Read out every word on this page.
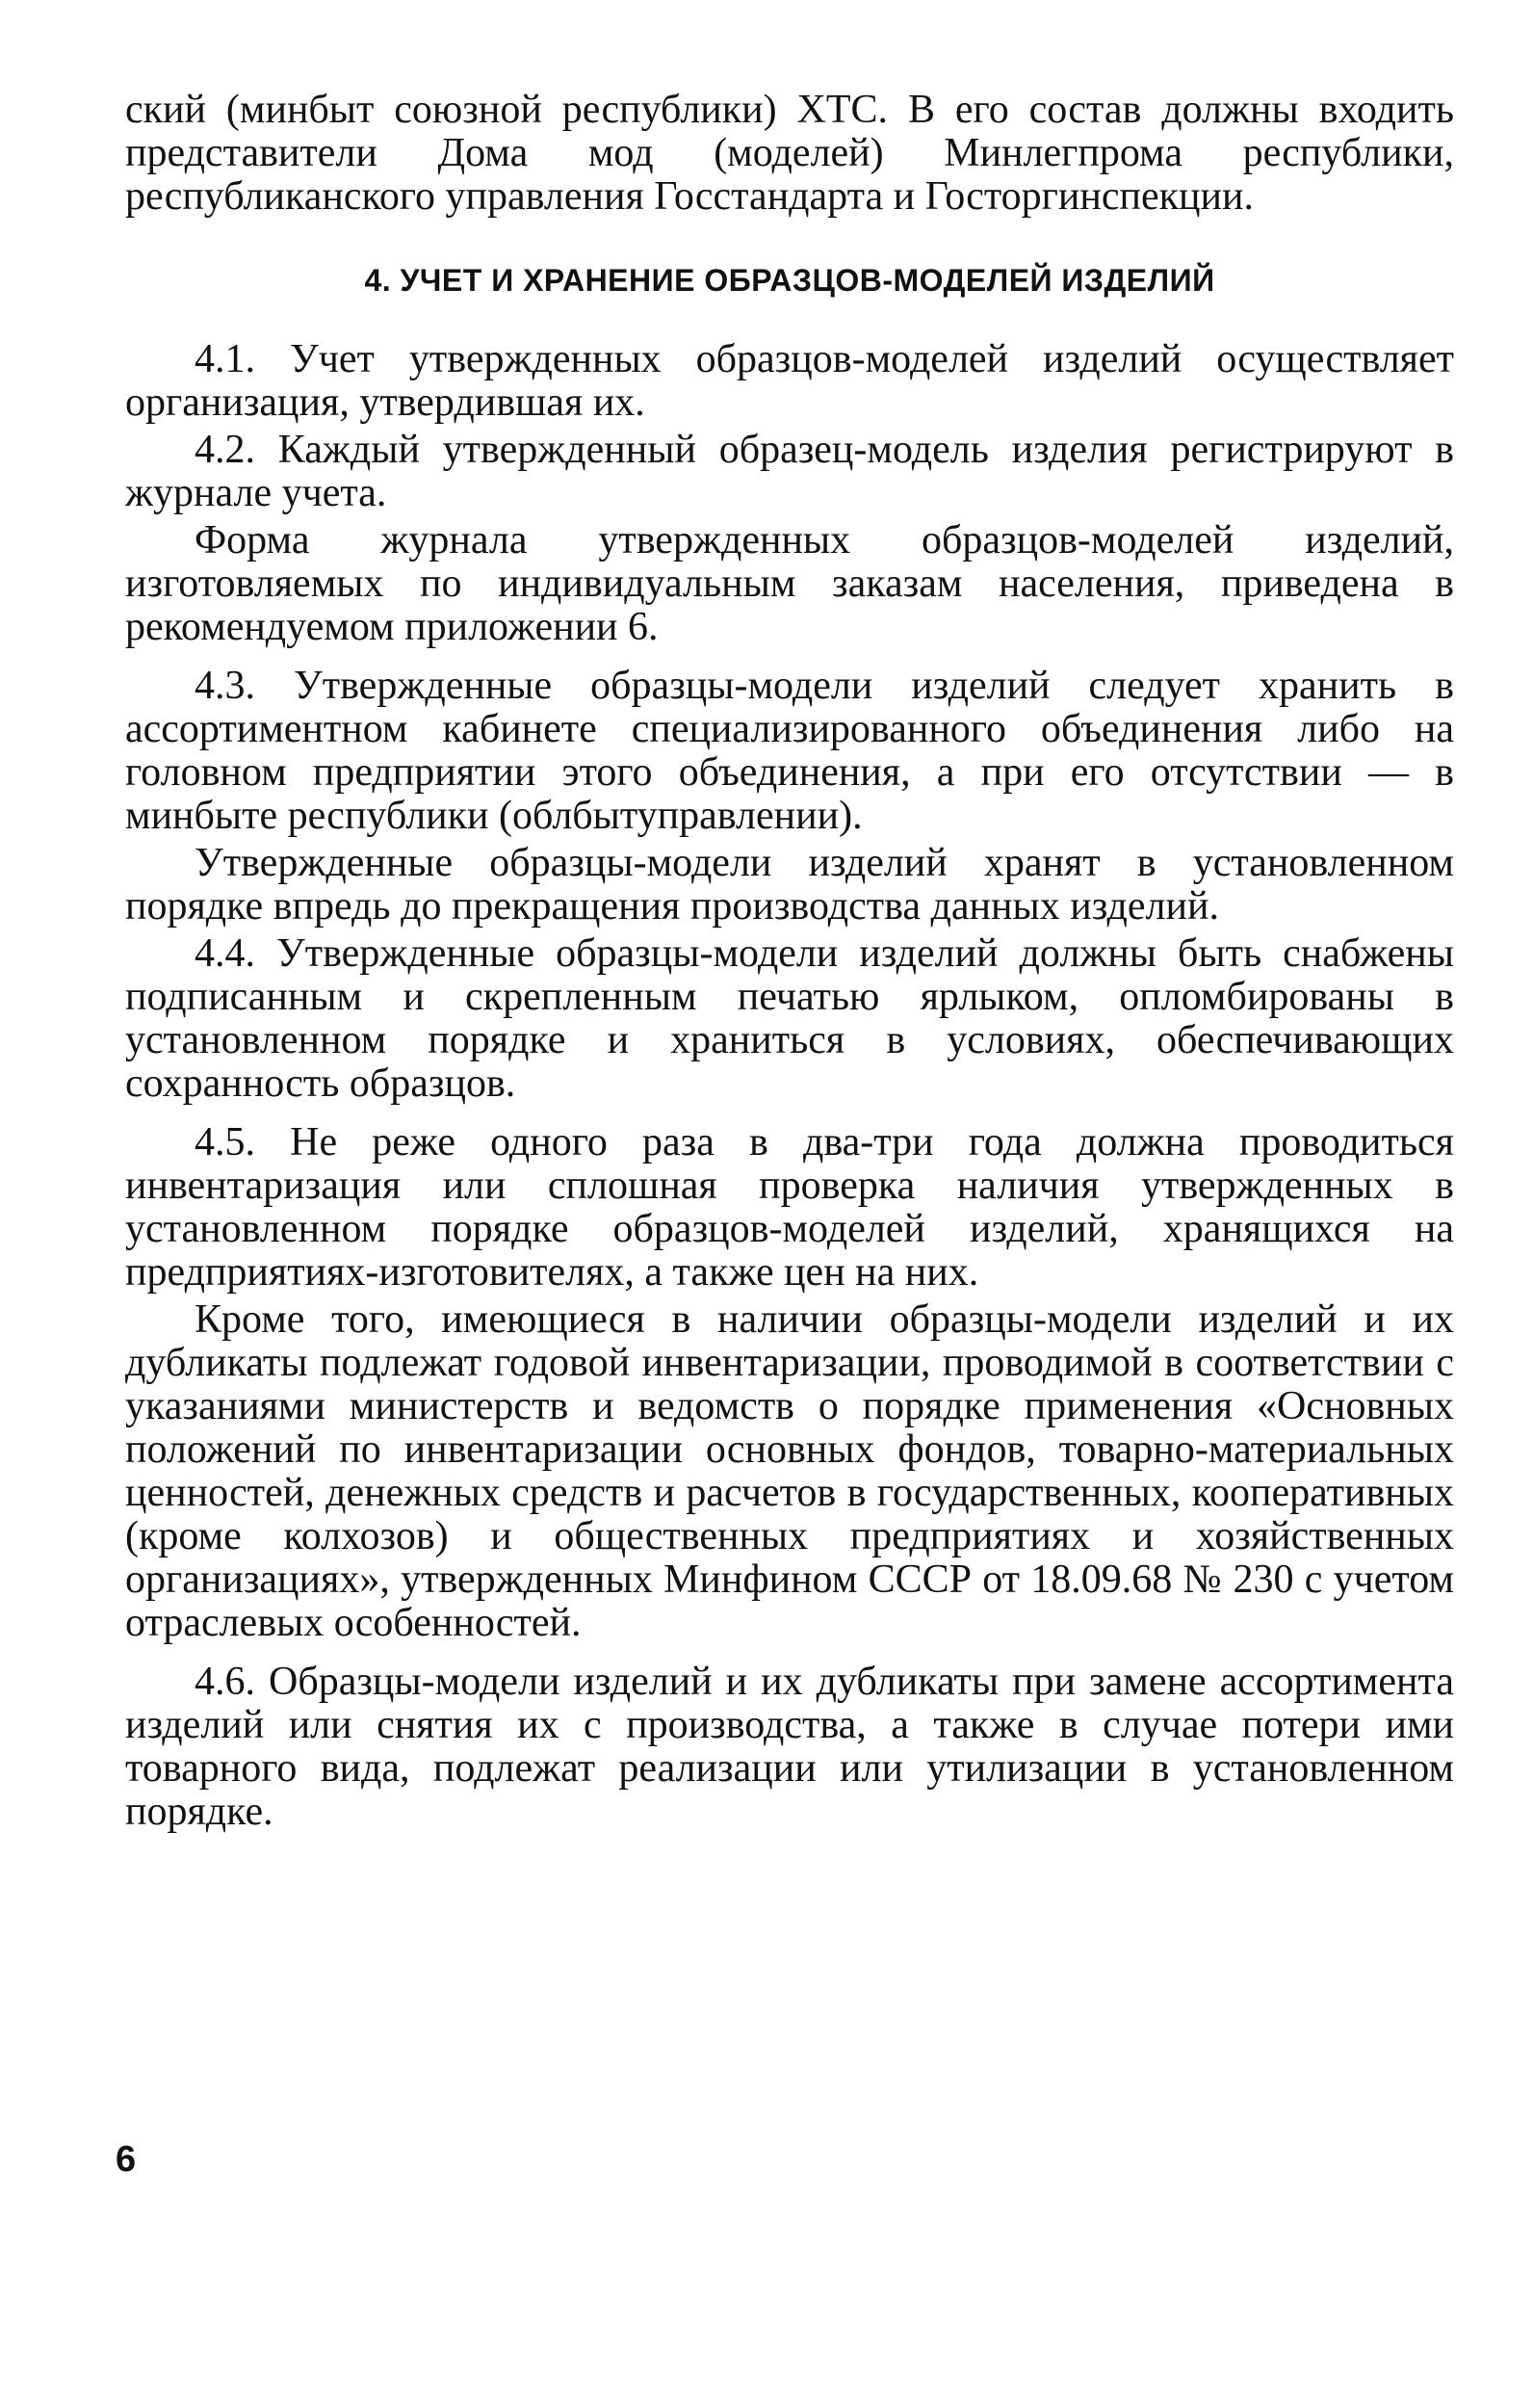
ский (минбыт союзной республики) ХТС. В его состав должны входить представители Дома мод (моделей) Минлегпрома республики, республиканского управления Госстандарта и Госторгинспекции.

4. УЧЕТ И ХРАНЕНИЕ ОБРАЗЦОВ-МОДЕЛЕЙ ИЗДЕЛИЙ

4.1. Учет утвержденных образцов-моделей изделий осуществляет организация, утвердившая их.

4.2. Каждый утвержденный образец-модель изделия регистрируют в журнале учета.

Форма журнала утвержденных образцов-моделей изделий, изготовляемых по индивидуальным заказам населения, приведена в рекомендуемом приложении 6.

4.3. Утвержденные образцы-модели изделий следует хранить в ассортиментном кабинете специализированного объединения либо на головном предприятии этого объединения, а при его отсутствии — в минбыте республики (облбытуправлении).

Утвержденные образцы-модели изделий хранят в установленном порядке впредь до прекращения производства данных изделий.

4.4. Утвержденные образцы-модели изделий должны быть снабжены подписанным и скрепленным печатью ярлыком, опломбированы в установленном порядке и храниться в условиях, обеспечивающих сохранность образцов.

4.5. Не реже одного раза в два-три года должна проводиться инвентаризация или сплошная проверка наличия утвержденных в установленном порядке образцов-моделей изделий, хранящихся на предприятиях-изготовителях, а также цен на них.

Кроме того, имеющиеся в наличии образцы-модели изделий и их дубликаты подлежат годовой инвентаризации, проводимой в соответствии с указаниями министерств и ведомств о порядке применения «Основных положений по инвентаризации основных фондов, товарно-материальных ценностей, денежных средств и расчетов в государственных, кооперативных (кроме колхозов) и общественных предприятиях и хозяйственных организациях», утвержденных Минфином СССР от 18.09.68 № 230 с учетом отраслевых особенностей.

4.6. Образцы-модели изделий и их дубликаты при замене ассортимента изделий или снятия их с производства, а также в случае потери ими товарного вида, подлежат реализации или утилизации в установленном порядке.

6
